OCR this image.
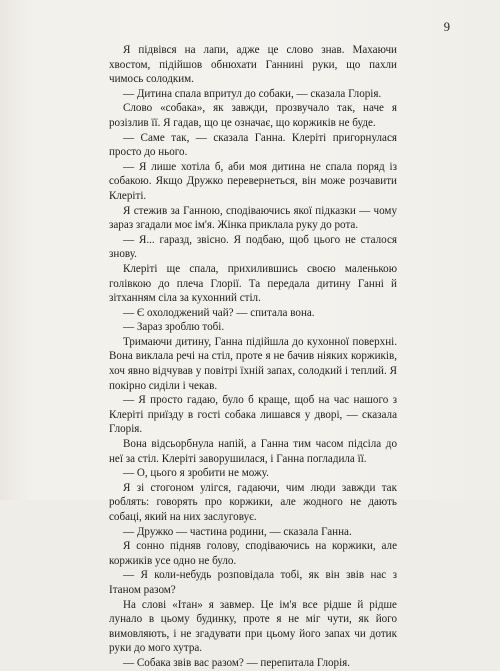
9

Я підвівся на лапи, адже це слово знав. Махаючи хвостом, підійшов обнюхати Ганнині руки, що пахли чимось солодким.

— Дитина спала впритул до собаки, — сказала Глорія.

Слово «собака», як завжди, прозвучало так, наче я розізлив її. Я гадав, що це означає, що коржиків не буде.

— Саме так, — сказала Ганна. Клеріті пригорнулася просто до нього.

— Я лише хотіла б, аби моя дитина не спала поряд із собакою. Якщо Дружко перевернеться, він може розчавити Клеріті.

Я стежив за Ганною, сподіваючись якої підказки — чому зараз згадали моє ім'я. Жінка приклала руку до рота.

— Я... гаразд, звісно. Я подбаю, щоб цього не сталося знову.

Клеріті ще спала, прихилившись своєю маленькою голівкою до плеча Глорії. Та передала дитину Ганні й зітханням сіла за кухонний стіл.

— Є охолоджений чай? — спитала вона.

— Зараз зроблю тобі.

Тримаючи дитину, Ганна підійшла до кухонної поверхні. Вона виклала речі на стіл, проте я не бачив ніяких коржиків, хоч явно відчував у повітрі їхній запах, солодкий і теплий. Я покірно сиділи і чекав.

— Я просто гадаю, було б краще, щоб на час нашого з Клеріті приїзду в гості собака лишався у дворі, — сказала Глорія.

Вона відсьорбнула напій, а Ганна тим часом підсіла до неї за стіл. Клеріті заворушилася, і Ганна погладила її.

— О, цього я зробити не можу.

Я зі стогоном улігся, гадаючи, чим люди завжди так роблять: говорять про коржики, але жодного не дають собаці, який на них заслуговує.

— Дружко — частина родини, — сказала Ганна.

Я сонно підняв голову, сподіваючись на коржики, але коржиків усе одно не було.

— Я коли-небудь розповідала тобі, як він звів нас з Ітаном разом?

На слові «Ітан» я завмер. Це ім'я все рідше й рідше лунало в цьому будинку, проте я не міг чути, як його вимовляють, і не згадувати при цьому його запах чи дотик руки до мого хутра.

— Собака звів вас разом? — перепитала Глорія.
